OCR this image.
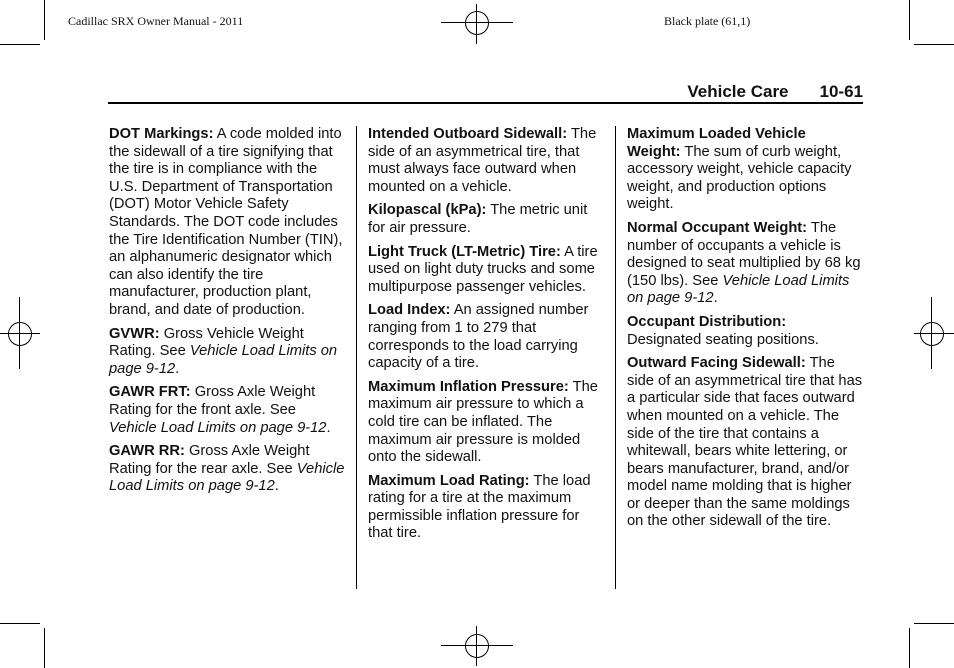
Cadillac SRX Owner Manual - 2011	Black plate (61,1)
Vehicle Care 10-61

DOT Markings: A code molded into the sidewall of a tire signifying that the tire is in compliance with the U.S. Department of Transportation (DOT) Motor Vehicle Safety Standards. The DOT code includes the Tire Identification Number (TIN), an alphanumeric designator which can also identify the tire manufacturer, production plant, brand, and date of production.

GVWR: Gross Vehicle Weight Rating. See Vehicle Load Limits on page 9-12.

GAWR FRT: Gross Axle Weight Rating for the front axle. See Vehicle Load Limits on page 9-12.

GAWR RR: Gross Axle Weight Rating for the rear axle. See Vehicle Load Limits on page 9-12.

Intended Outboard Sidewall: The side of an asymmetrical tire, that must always face outward when mounted on a vehicle.

Kilopascal (kPa): The metric unit for air pressure.

Light Truck (LT-Metric) Tire: A tire used on light duty trucks and some multipurpose passenger vehicles.

Load Index: An assigned number ranging from 1 to 279 that corresponds to the load carrying capacity of a tire.

Maximum Inflation Pressure: The maximum air pressure to which a cold tire can be inflated. The maximum air pressure is molded onto the sidewall.

Maximum Load Rating: The load rating for a tire at the maximum permissible inflation pressure for that tire.

Maximum Loaded Vehicle Weight: The sum of curb weight, accessory weight, vehicle capacity weight, and production options weight.

Normal Occupant Weight: The number of occupants a vehicle is designed to seat multiplied by 68 kg (150 lbs). See Vehicle Load Limits on page 9-12.

Occupant Distribution: Designated seating positions.

Outward Facing Sidewall: The side of an asymmetrical tire that has a particular side that faces outward when mounted on a vehicle. The side of the tire that contains a whitewall, bears white lettering, or bears manufacturer, brand, and/or model name molding that is higher or deeper than the same moldings on the other sidewall of the tire.
